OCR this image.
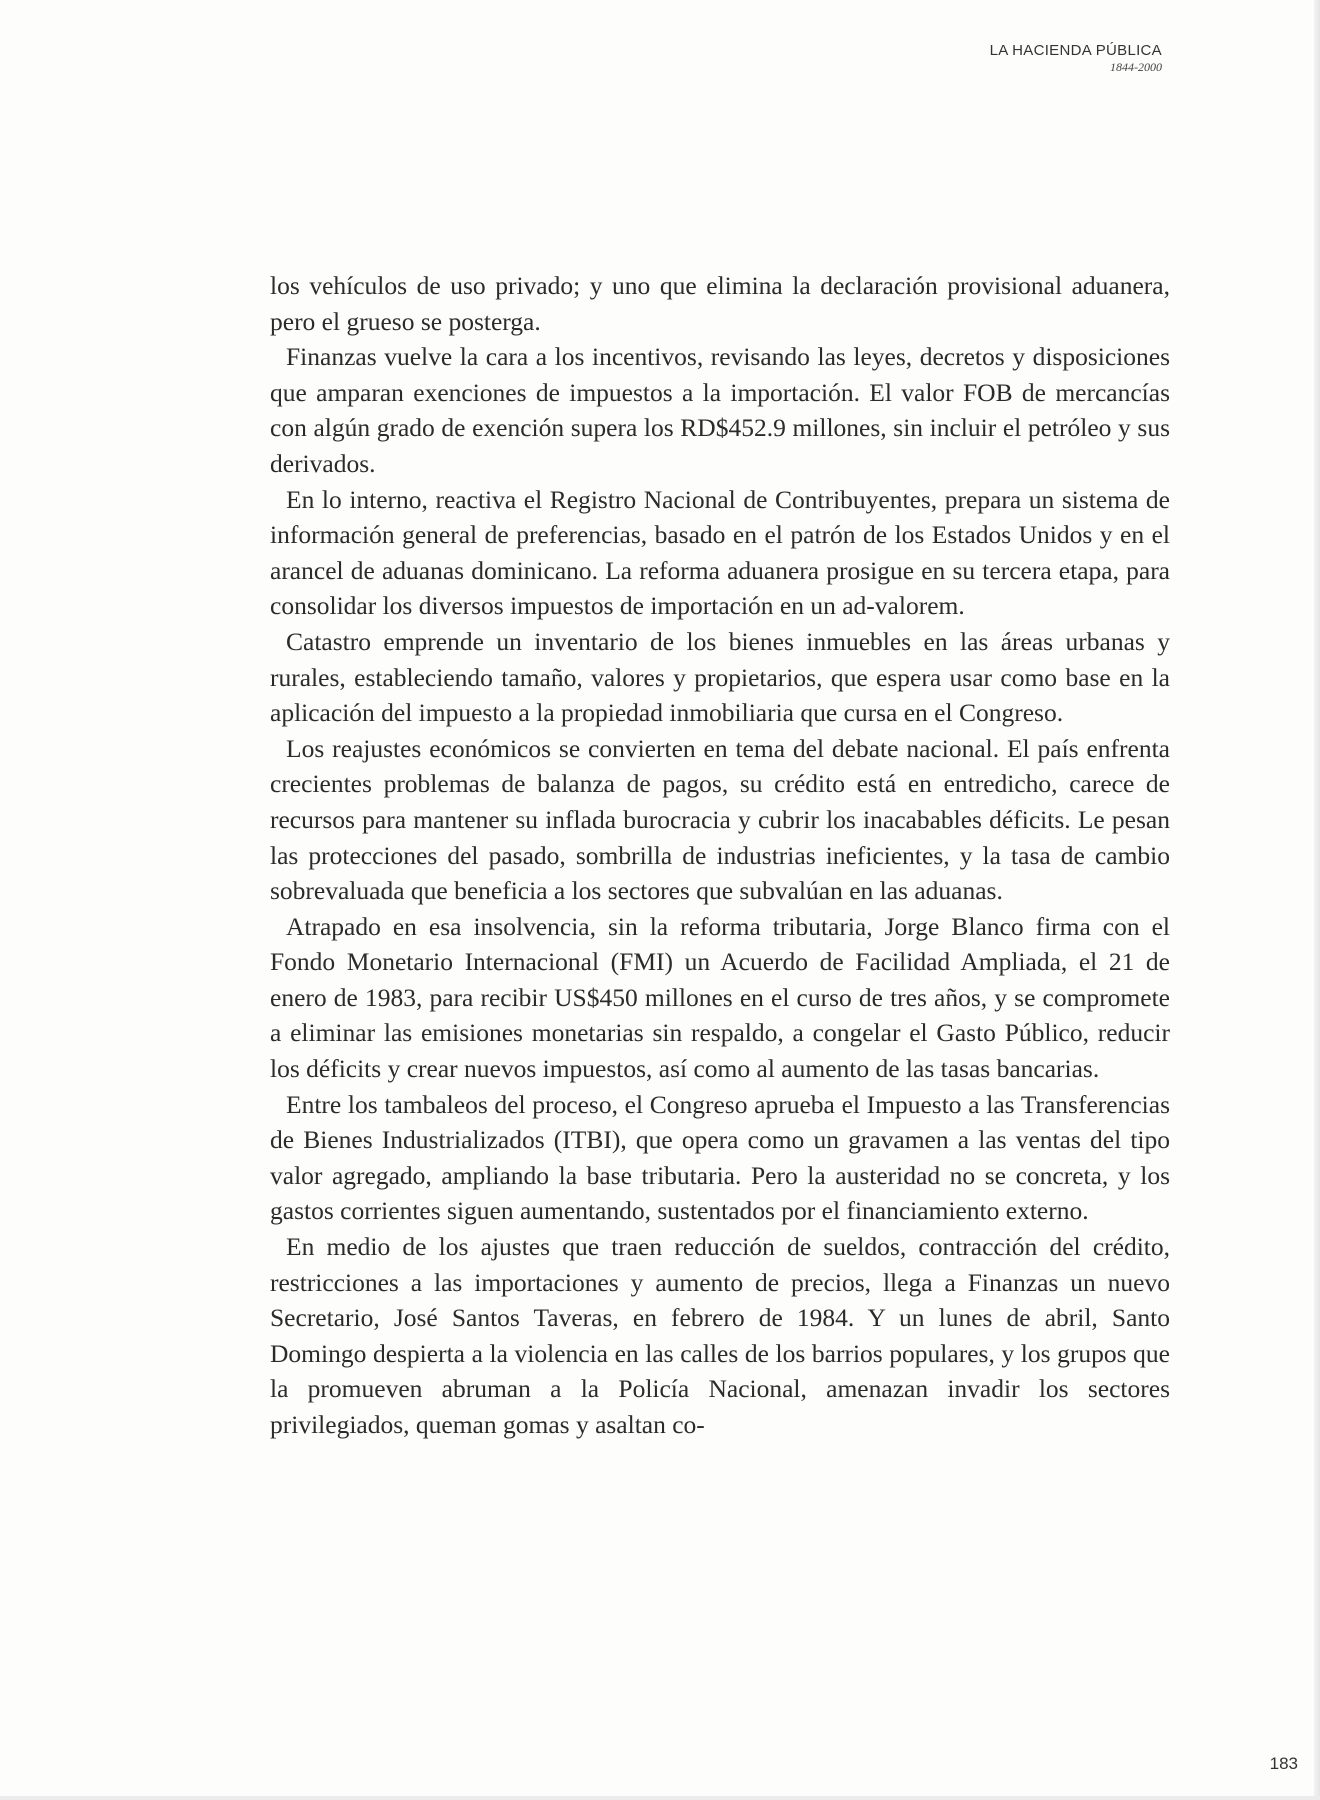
LA HACIENDA PÚBLICA
1844-2000

los vehículos de uso privado; y uno que elimina la declaración provisional aduanera, pero el grueso se posterga.

Finanzas vuelve la cara a los incentivos, revisando las leyes, decretos y disposiciones que amparan exenciones de impuestos a la importación. El valor FOB de mercancías con algún grado de exención supera los RD$452.9 millones, sin incluir el petróleo y sus derivados.

En lo interno, reactiva el Registro Nacional de Contribuyentes, prepara un sistema de información general de preferencias, basado en el patrón de los Estados Unidos y en el arancel de aduanas dominicano. La reforma aduanera prosigue en su tercera etapa, para consolidar los diversos impuestos de importación en un ad-valorem.

Catastro emprende un inventario de los bienes inmuebles en las áreas urbanas y rurales, estableciendo tamaño, valores y propietarios, que espera usar como base en la aplicación del impuesto a la propiedad inmobiliaria que cursa en el Congreso.

Los reajustes económicos se convierten en tema del debate nacional. El país enfrenta crecientes problemas de balanza de pagos, su crédito está en entredicho, carece de recursos para mantener su inflada burocracia y cubrir los inacabables déficits. Le pesan las protecciones del pasado, sombrilla de industrias ineficientes, y la tasa de cambio sobrevaluada que beneficia a los sectores que subvalúan en las aduanas.

Atrapado en esa insolvencia, sin la reforma tributaria, Jorge Blanco firma con el Fondo Monetario Internacional (FMI) un Acuerdo de Facilidad Ampliada, el 21 de enero de 1983, para recibir US$450 millones en el curso de tres años, y se compromete a eliminar las emisiones monetarias sin respaldo, a congelar el Gasto Público, reducir los déficits y crear nuevos impuestos, así como al aumento de las tasas bancarias.

Entre los tambaleos del proceso, el Congreso aprueba el Impuesto a las Transferencias de Bienes Industrializados (ITBI), que opera como un gravamen a las ventas del tipo valor agregado, ampliando la base tributaria. Pero la austeridad no se concreta, y los gastos corrientes siguen aumentando, sustentados por el financiamiento externo.

En medio de los ajustes que traen reducción de sueldos, contracción del crédito, restricciones a las importaciones y aumento de precios, llega a Finanzas un nuevo Secretario, José Santos Taveras, en febrero de 1984. Y un lunes de abril, Santo Domingo despierta a la violencia en las calles de los barrios populares, y los grupos que la promueven abruman a la Policía Nacional, amenazan invadir los sectores privilegiados, queman gomas y asaltan co-

183
